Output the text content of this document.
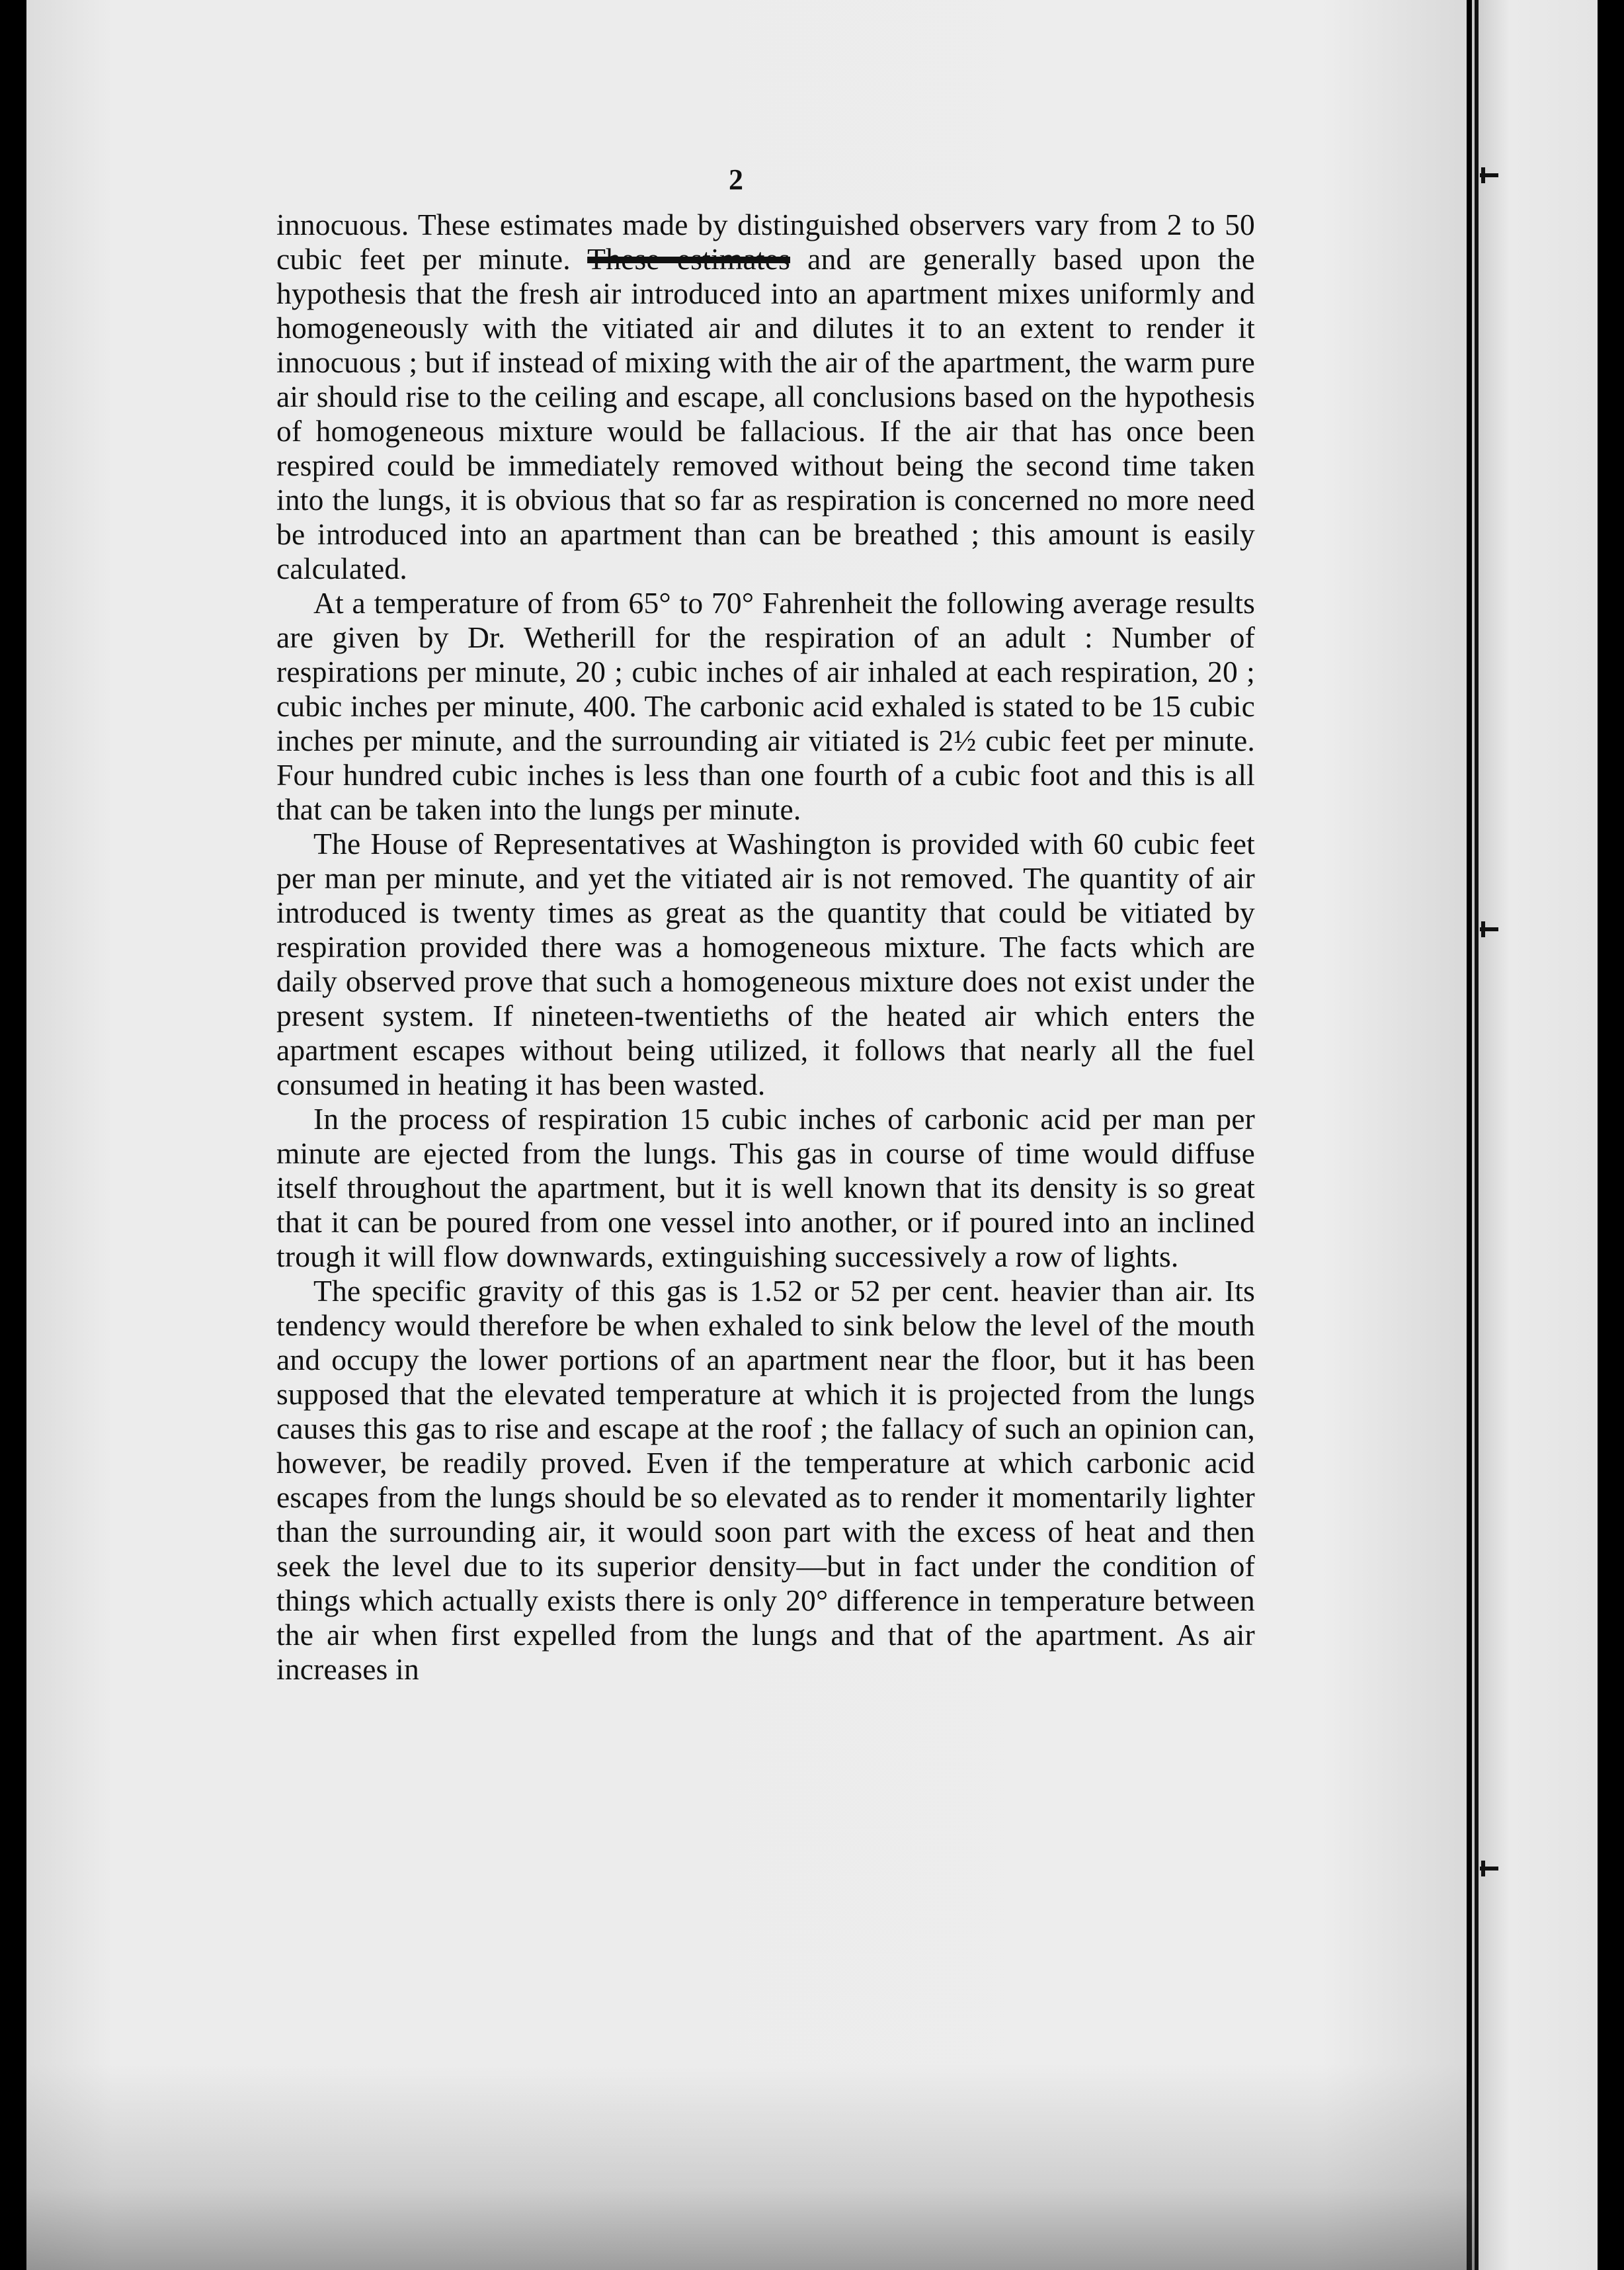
2

innocuous. These estimates made by distinguished observers vary from 2 to 50 cubic feet per minute. These estimates and are generally based upon the hypothesis that the fresh air introduced into an apartment mixes uniformly and homogeneously with the vitiated air and dilutes it to an extent to render it innocuous ; but if instead of mixing with the air of the apartment, the warm pure air should rise to the ceiling and escape, all conclusions based on the hypothesis of homogeneous mixture would be fallacious. If the air that has once been respired could be immediately removed without being the second time taken into the lungs, it is obvious that so far as respiration is concerned no more need be introduced into an apartment than can be breathed ; this amount is easily calculated.

At a temperature of from 65° to 70° Fahrenheit the following average results are given by Dr. Wetherill for the respiration of an adult : Number of respirations per minute, 20 ; cubic inches of air inhaled at each respiration, 20 ; cubic inches per minute, 400. The carbonic acid exhaled is stated to be 15 cubic inches per minute, and the surrounding air vitiated is 2½ cubic feet per minute. Four hundred cubic inches is less than one fourth of a cubic foot and this is all that can be taken into the lungs per minute.

The House of Representatives at Washington is provided with 60 cubic feet per man per minute, and yet the vitiated air is not removed. The quantity of air introduced is twenty times as great as the quantity that could be vitiated by respiration provided there was a homogeneous mixture. The facts which are daily observed prove that such a homogeneous mixture does not exist under the present system. If nineteen-twentieths of the heated air which enters the apartment escapes without being utilized, it follows that nearly all the fuel consumed in heating it has been wasted.

In the process of respiration 15 cubic inches of carbonic acid per man per minute are ejected from the lungs. This gas in course of time would diffuse itself throughout the apartment, but it is well known that its density is so great that it can be poured from one vessel into another, or if poured into an inclined trough it will flow downwards, extinguishing successively a row of lights.

The specific gravity of this gas is 1.52 or 52 per cent. heavier than air. Its tendency would therefore be when exhaled to sink below the level of the mouth and occupy the lower portions of an apartment near the floor, but it has been supposed that the elevated temperature at which it is projected from the lungs causes this gas to rise and escape at the roof ; the fallacy of such an opinion can, however, be readily proved. Even if the temperature at which carbonic acid escapes from the lungs should be so elevated as to render it momentarily lighter than the surrounding air, it would soon part with the excess of heat and then seek the level due to its superior density—but in fact under the condition of things which actually exists there is only 20° difference in temperature between the air when first expelled from the lungs and that of the apartment. As air increases in
